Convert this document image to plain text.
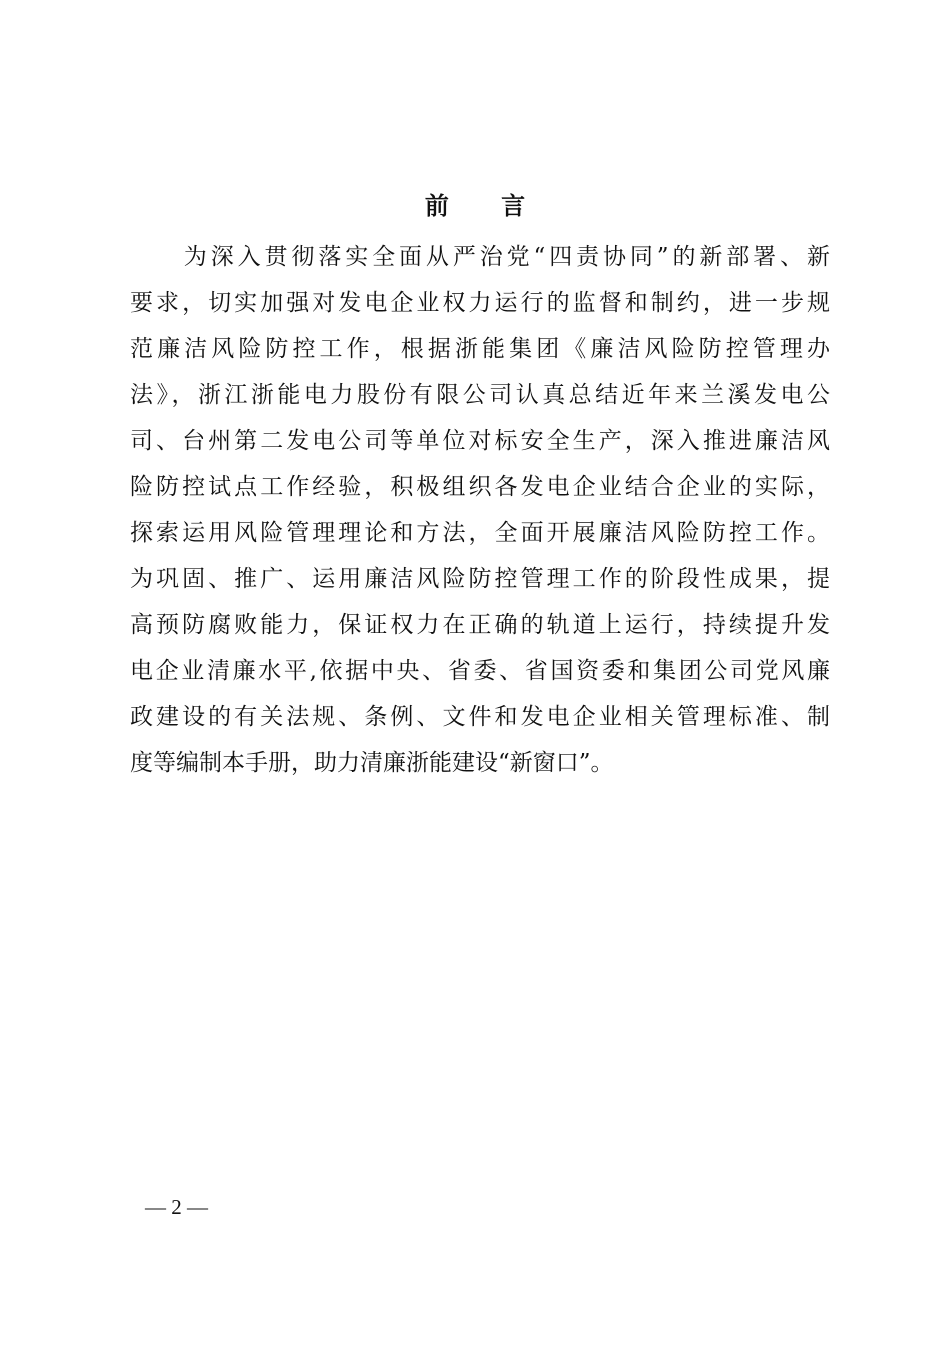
前 言
　　为深入贯彻落实全面从严治党“四责协同”的新部署、新
要求，切实加强对发电企业权力运行的监督和制约，进一步规
范廉洁风险防控工作，根据浙能集团《廉洁风险防控管理办
法》，浙江浙能电力股份有限公司认真总结近年来兰溪发电公
司、台州第二发电公司等单位对标安全生产，深入推进廉洁风
险防控试点工作经验，积极组织各发电企业结合企业的实际，
探索运用风险管理理论和方法，全面开展廉洁风险防控工作。
为巩固、推广、运用廉洁风险防控管理工作的阶段性成果，提
高预防腐败能力，保证权力在正确的轨道上运行，持续提升发
电企业清廉水平,依据中央、省委、省国资委和集团公司党风廉
政建设的有关法规、条例、文件和发电企业相关管理标准、制
度等编制本手册，助力清廉浙能建设“新窗口”。
— 2 —
